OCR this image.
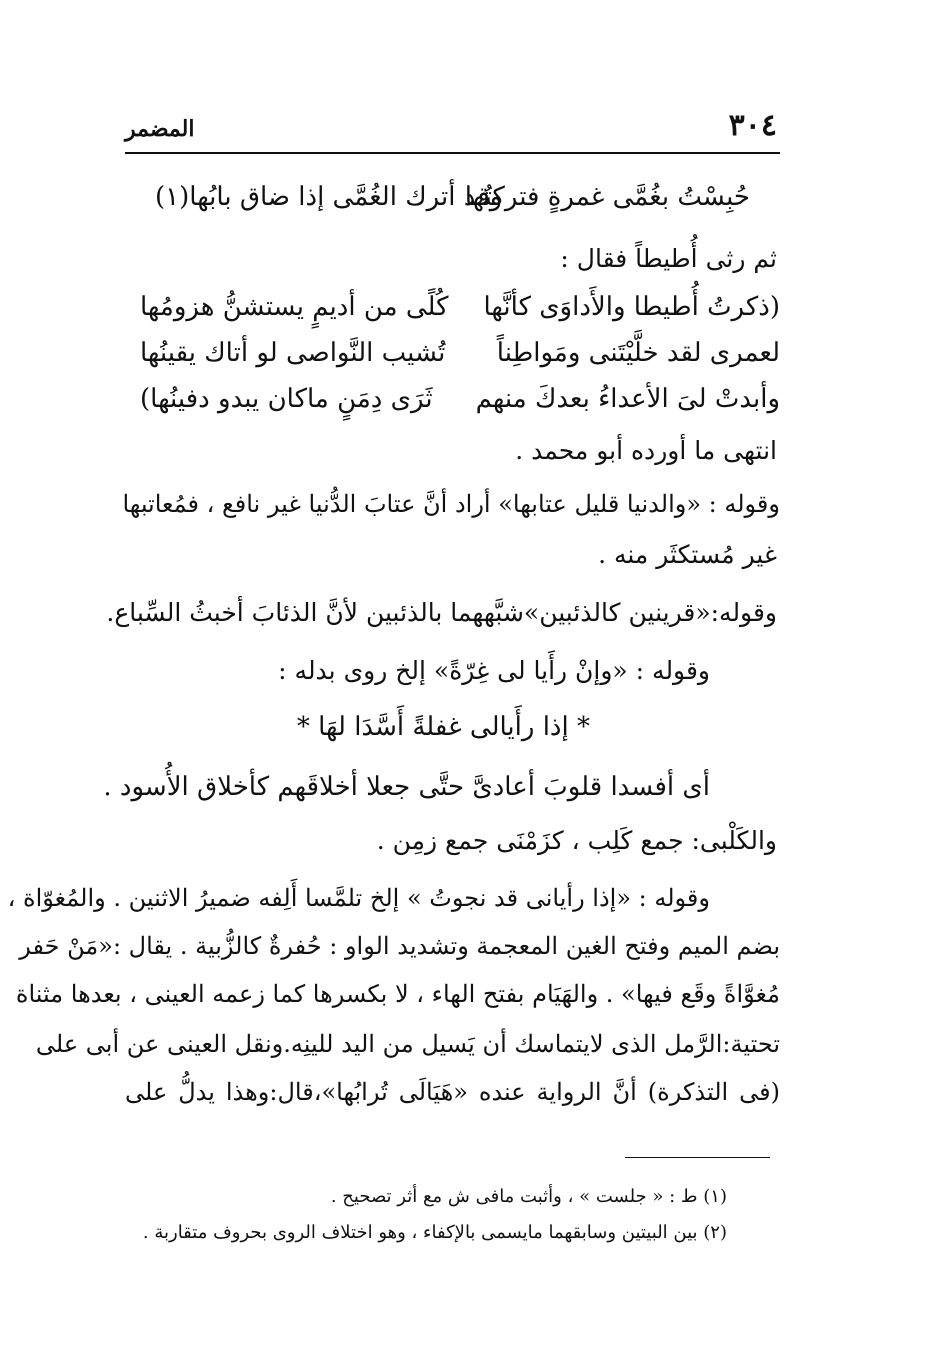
٣٠٤
المضمر
حُبِسْتُ بغُمَّى غمرةٍ فتركتُها
وقد أترك الغُمَّى إذا ضاق بابُها(١)
ثم رثى أُطيطاً فقال :
(ذكرتُ أُطيطا والأَداوَى كأنَّها
كُلًى من أديمٍ يستشنُّ هزومُها
لعمرى لقد خلَّيْتَنى ومَواطِناً
تُشيب النَّواصى لو أتاك يقينُها
وأبدتْ لىَ الأعداءُ بعدكَ منهم
ثَرَى دِمَنٍ ماكان يبدو دفينُها)
انتهى ما أورده أبو محمد .
وقوله : «والدنيا قليل عتابها» أراد أنَّ عتابَ الدُّنيا غير نافع ، فمُعاتبها
غير مُستكثَر منه .
وقوله:«قرينين كالذئبين»شبَّههما بالذئبين لأنَّ الذئابَ أخبثُ السِّباع.
وقوله : «وإنْ رأَيا لى غِرّةً» إلخ روى بدله :
* إذا رأَيالى غفلةً أَسَّدَا لهَا *
أى أفسدا قلوبَ أعادىَّ حتَّى جعلا أخلاقَهم كأخلاق الأُسود .
والكَلْبى: جمع كَلِب ، كزَمْنَى جمع زمِن .
وقوله : «إذا رأيانى قد نجوتُ » إلخ تلمَّسا أَلِفه ضميرُ الاثنين . والمُغوّاة ،
بضم الميم وفتح الغين المعجمة وتشديد الواو : حُفرةٌ كالزُّبية . يقال :«مَنْ حَفر
مُغوَّاةً وقَع فيها» . والهَيَام بفتح الهاء ، لا بكسرها كما زعمه العينى ، بعدها مثناة
تحتية:الرَّمل الذى لايتماسك أن يَسيل من اليد للينِه.ونقل العينى عن أبى على
(فى التذكرة) أنَّ الرواية عنده «هَيَالَى تُرابُها»،قال:وهذا يدلُّ على
(١) ط : « جلست » ، وأثبت مافى ش مع أثر تصحيح .
(٢) بين البيتين وسابقهما مايسمى بالإكفاء ، وهو اختلاف الروى بحروف متقاربة .
